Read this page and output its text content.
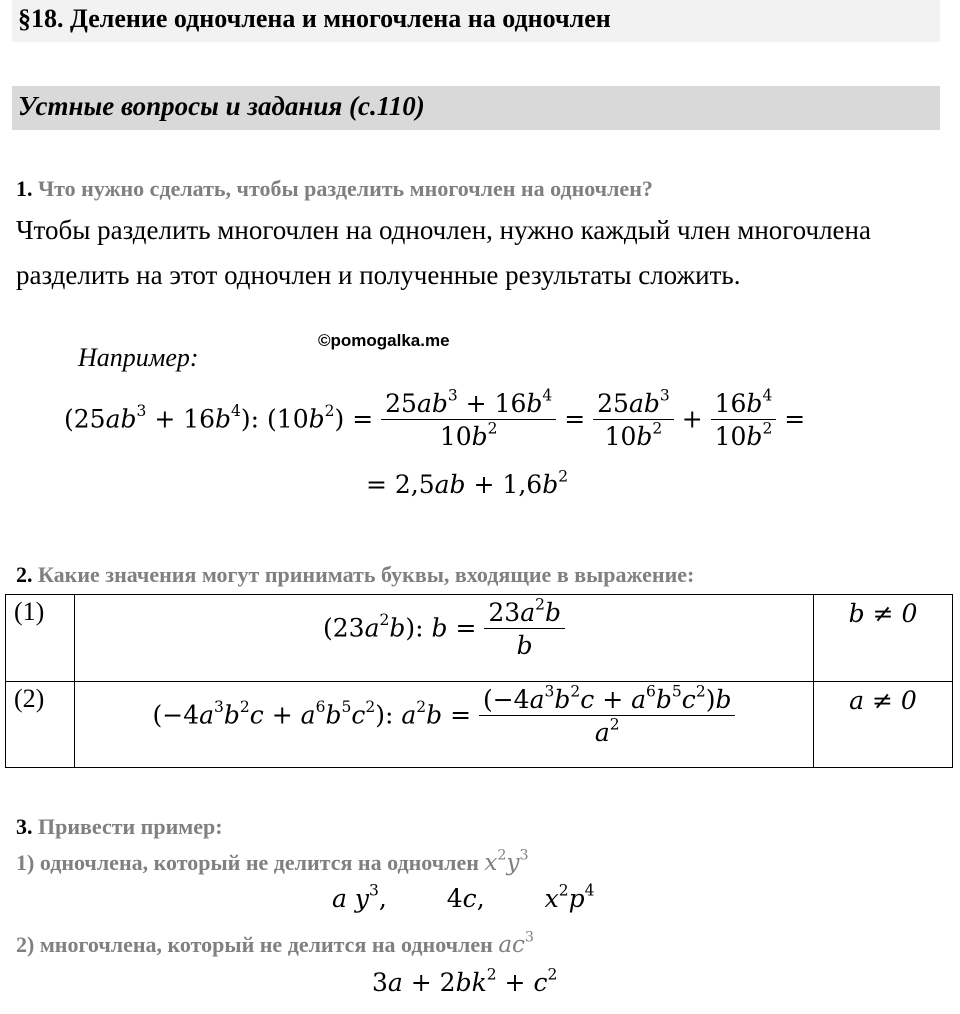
§18. Деление одночлена и многочлена на одночлен
Устные вопросы и задания (с.110)
1. Что нужно сделать, чтобы разделить многочлен на одночлен?
Чтобы разделить многочлен на одночлен, нужно каждый член многочлена разделить на этот одночлен и полученные результаты сложить.
©pomogalka.me
Например:
$(25ab^3 + 16b^4)$: $(10b^2) = \frac{25ab^3 + 16b^4}{10b^2} = \frac{25ab^3}{10b^2} + \frac{16b^4}{10b^2}$ =
= $2,5ab + 1,6b^2$
2. Какие значения могут принимать буквы, входящие в выражение:
(1)	$(23a^2b)$: $b = \frac{23a^2b}{b}$	b ≠ 0

(2)	$(-4a^3b^2c + a^6b^5c^2)$: $a^2b = \frac{(-4a^3b^2c + a^6b^5c^2)b}{a^2}$	a ≠ 0
3. Привести пример:
1) одночлена, который не делится на одночлен $x^2y^3$
a $y^3$, 4c, $x^2p^4$
2) многочлена, который не делится на одночлен $ac^3$
$3a + 2bk^2 + c^2$
